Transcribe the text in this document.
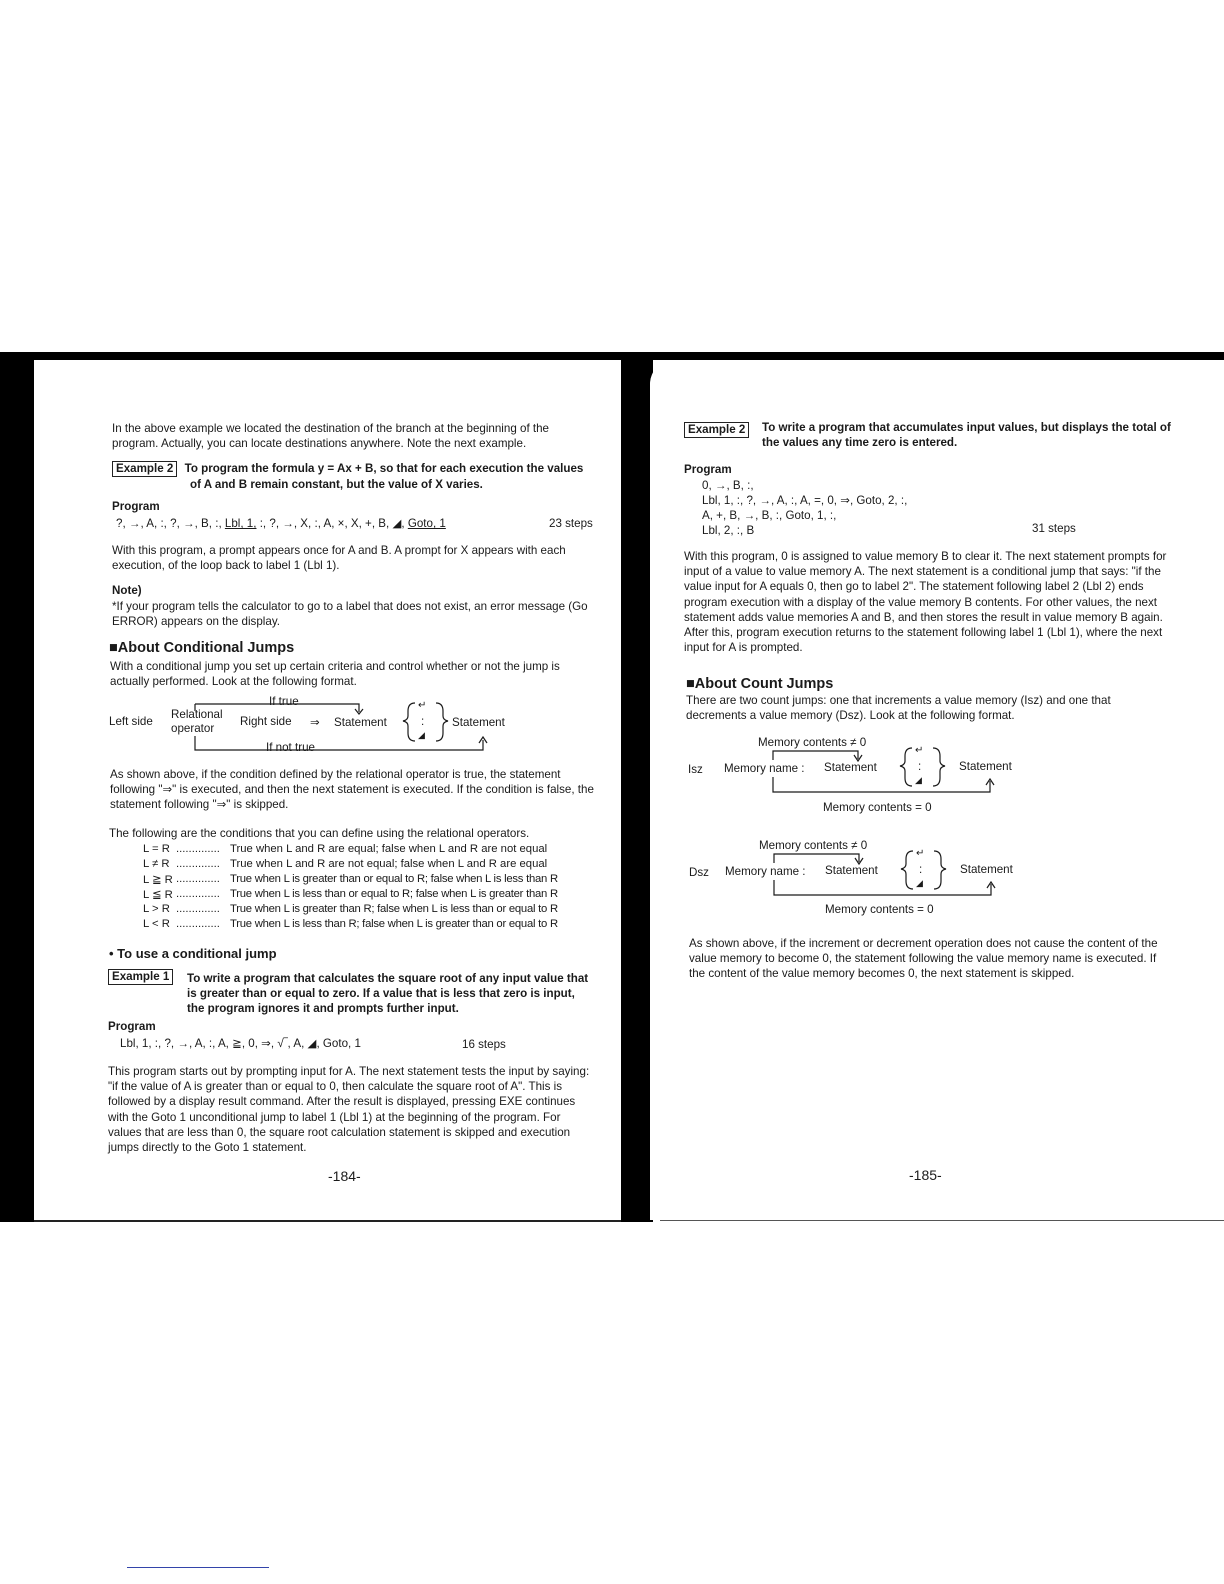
In the above example we located the destination of the branch at the beginning of the program. Actually, you can locate destinations anywhere. Note the next example.

Example 2 To program the formula y = Ax + B, so that for each execution the values
of A and B remain constant, but the value of X varies.

Program

?, →, A, :, ?, →, B, :, Lbl, 1, :, ?, →, X, :, A, ×, X, +, B, ◢, Goto, 1	23 steps

With this program, a prompt appears once for A and B. A prompt for X appears with each execution, of the loop back to label 1 (Lbl 1).

Note)

*If your program tells the calculator to go to a label that does not exist, an error message (Go ERROR) appears on the display.

■About Conditional Jumps

With a conditional jump you set up certain criteria and control whether or not the jump is actually performed. Look at the following format.

Left side
Relational
operator
Right side ⇒ Statement	Statement
If true
If not true
↵
:
◢

As shown above, if the condition defined by the relational operator is true, the statement following "⇒" is executed, and then the next statement is executed. If the condition is false, the statement following "⇒" is skipped.

The following are the conditions that you can define using the relational operators.

L = R .............. True when L and R are equal; false when L and R are not equal
L ≠ R .............. True when L and R are not equal; false when L and R are equal
L ≧ R .............. True when L is greater than or equal to R; false when L is less than R
L ≦ R .............. True when L is less than or equal to R; false when L is greater than R
L > R .............. True when L is greater than R; false when L is less than or equal to R
L < R .............. True when L is less than R; false when L is greater than or equal to R

• To use a conditional jump

Example 1	To write a program that calculates the square root of any input value that is greater than or equal to zero. If a value that is less that zero is input, the program ignores it and prompts further input.

Program

Lbl, 1, :, ?, →, A, :, A, ≧, 0, ⇒, √‾, A, ◢, Goto, 1	16 steps

This program starts out by prompting input for A. The next statement tests the input by saying: "if the value of A is greater than or equal to 0, then calculate the square root of A". This is followed by a display result command. After the result is displayed, pressing EXE continues with the Goto 1 unconditional jump to label 1 (Lbl 1) at the beginning of the program. For values that are less than 0, the square root calculation statement is skipped and execution jumps directly to the Goto 1 statement.

-184-

Example 2	To write a program that accumulates input values, but displays the total of the values any time zero is entered.

Program

0, →, B, :,

Lbl, 1, :, ?, →, A, :, A, =, 0, ⇒, Goto, 2, :,

A, +, B, →, B, :, Goto, 1, :,

Lbl, 2, :, B	31 steps

With this program, 0 is assigned to value memory B to clear it. The next statement prompts for input of a value to value memory A. The next statement is a conditional jump that says: "if the value input for A equals 0, then go to label 2". The statement following label 2 (Lbl 2) ends program execution with a display of the value memory B contents. For other values, the next statement adds value memories A and B, and then stores the result in value memory B again. After this, program execution returns to the statement following label 1 (Lbl 1), where the next input for A is prompted.

■About Count Jumps

There are two count jumps: one that increments a value memory (Isz) and one that decrements a value memory (Dsz). Look at the following format.

Memory contents ≠ 0
Isz Memory name : Statement	Statement
Memory contents = 0
↵
:
◢
Memory contents ≠ 0
Dsz Memory name : Statement	Statement
Memory contents = 0
↵
:
◢

As shown above, if the increment or decrement operation does not cause the content of the value memory to become 0, the statement following the value memory name is executed. If the content of the value memory becomes 0, the next statement is skipped.

-185-
